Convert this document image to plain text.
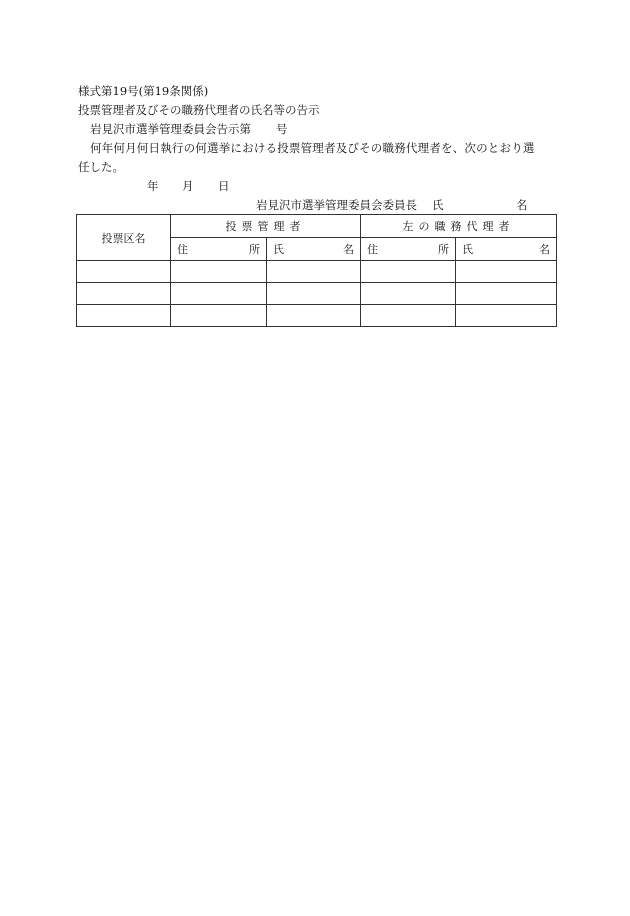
様式第19号(第19条関係)
投票管理者及びその職務代理者の氏名等の告示
岩見沢市選挙管理委員会告示第 号
何年何月何日執行の何選挙における投票管理者及びその職務代理者を、次のとおり選
任した。
年 月 日
岩見沢市選挙管理委員会委員長 氏	名
投票区名	投票管理者		左の職務代理者	

	住 所	氏 名	住 所	氏 名
